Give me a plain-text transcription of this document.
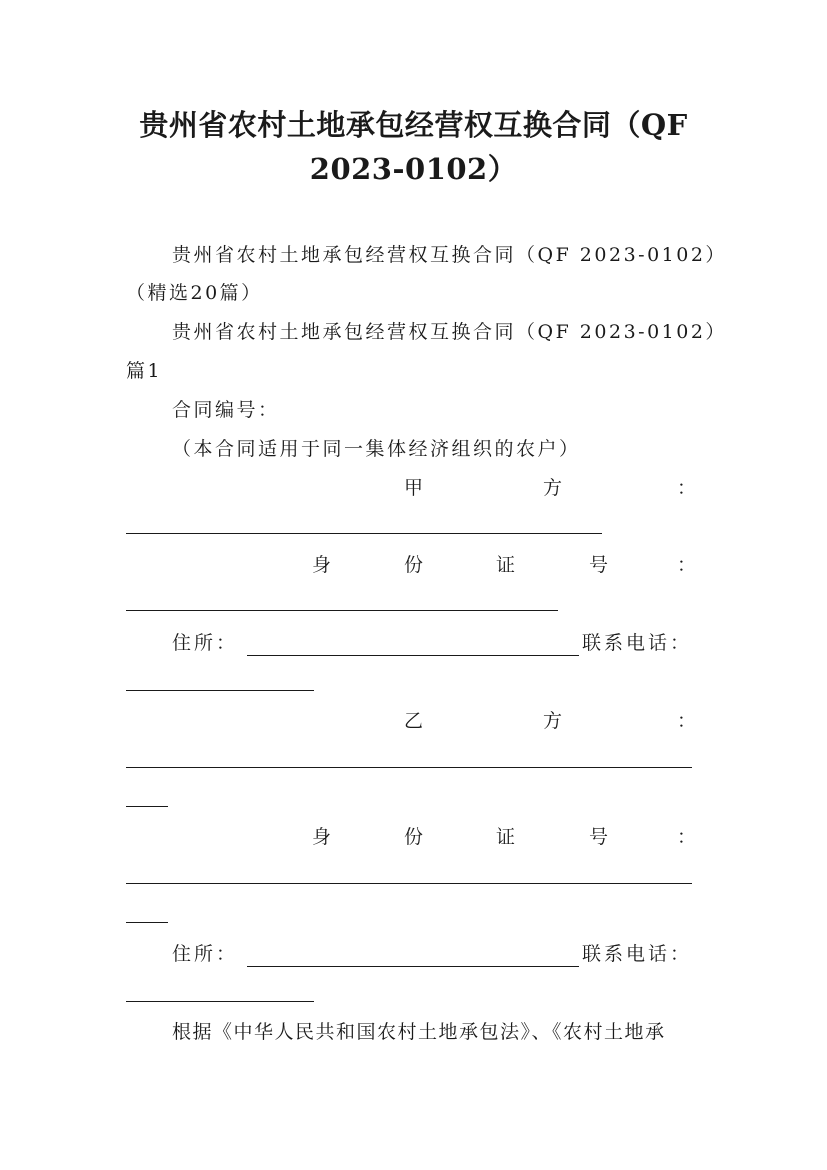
贵州省农村土地承包经营权互换合同（QF
2023-0102）
贵州省农村土地承包经营权互换合同（QF 2023-0102）
（精选20篇）
贵州省农村土地承包经营权互换合同（QF 2023-0102）
篇1
合同编号：
（本合同适用于同一集体经济组织的农户）
甲	方	：
身	份	证	号	：
住所：	联系电话：
乙	方	：
身	份	证	号	：
住所：	联系电话：
根据《中华人民共和国农村土地承包法》、《农村土地承
